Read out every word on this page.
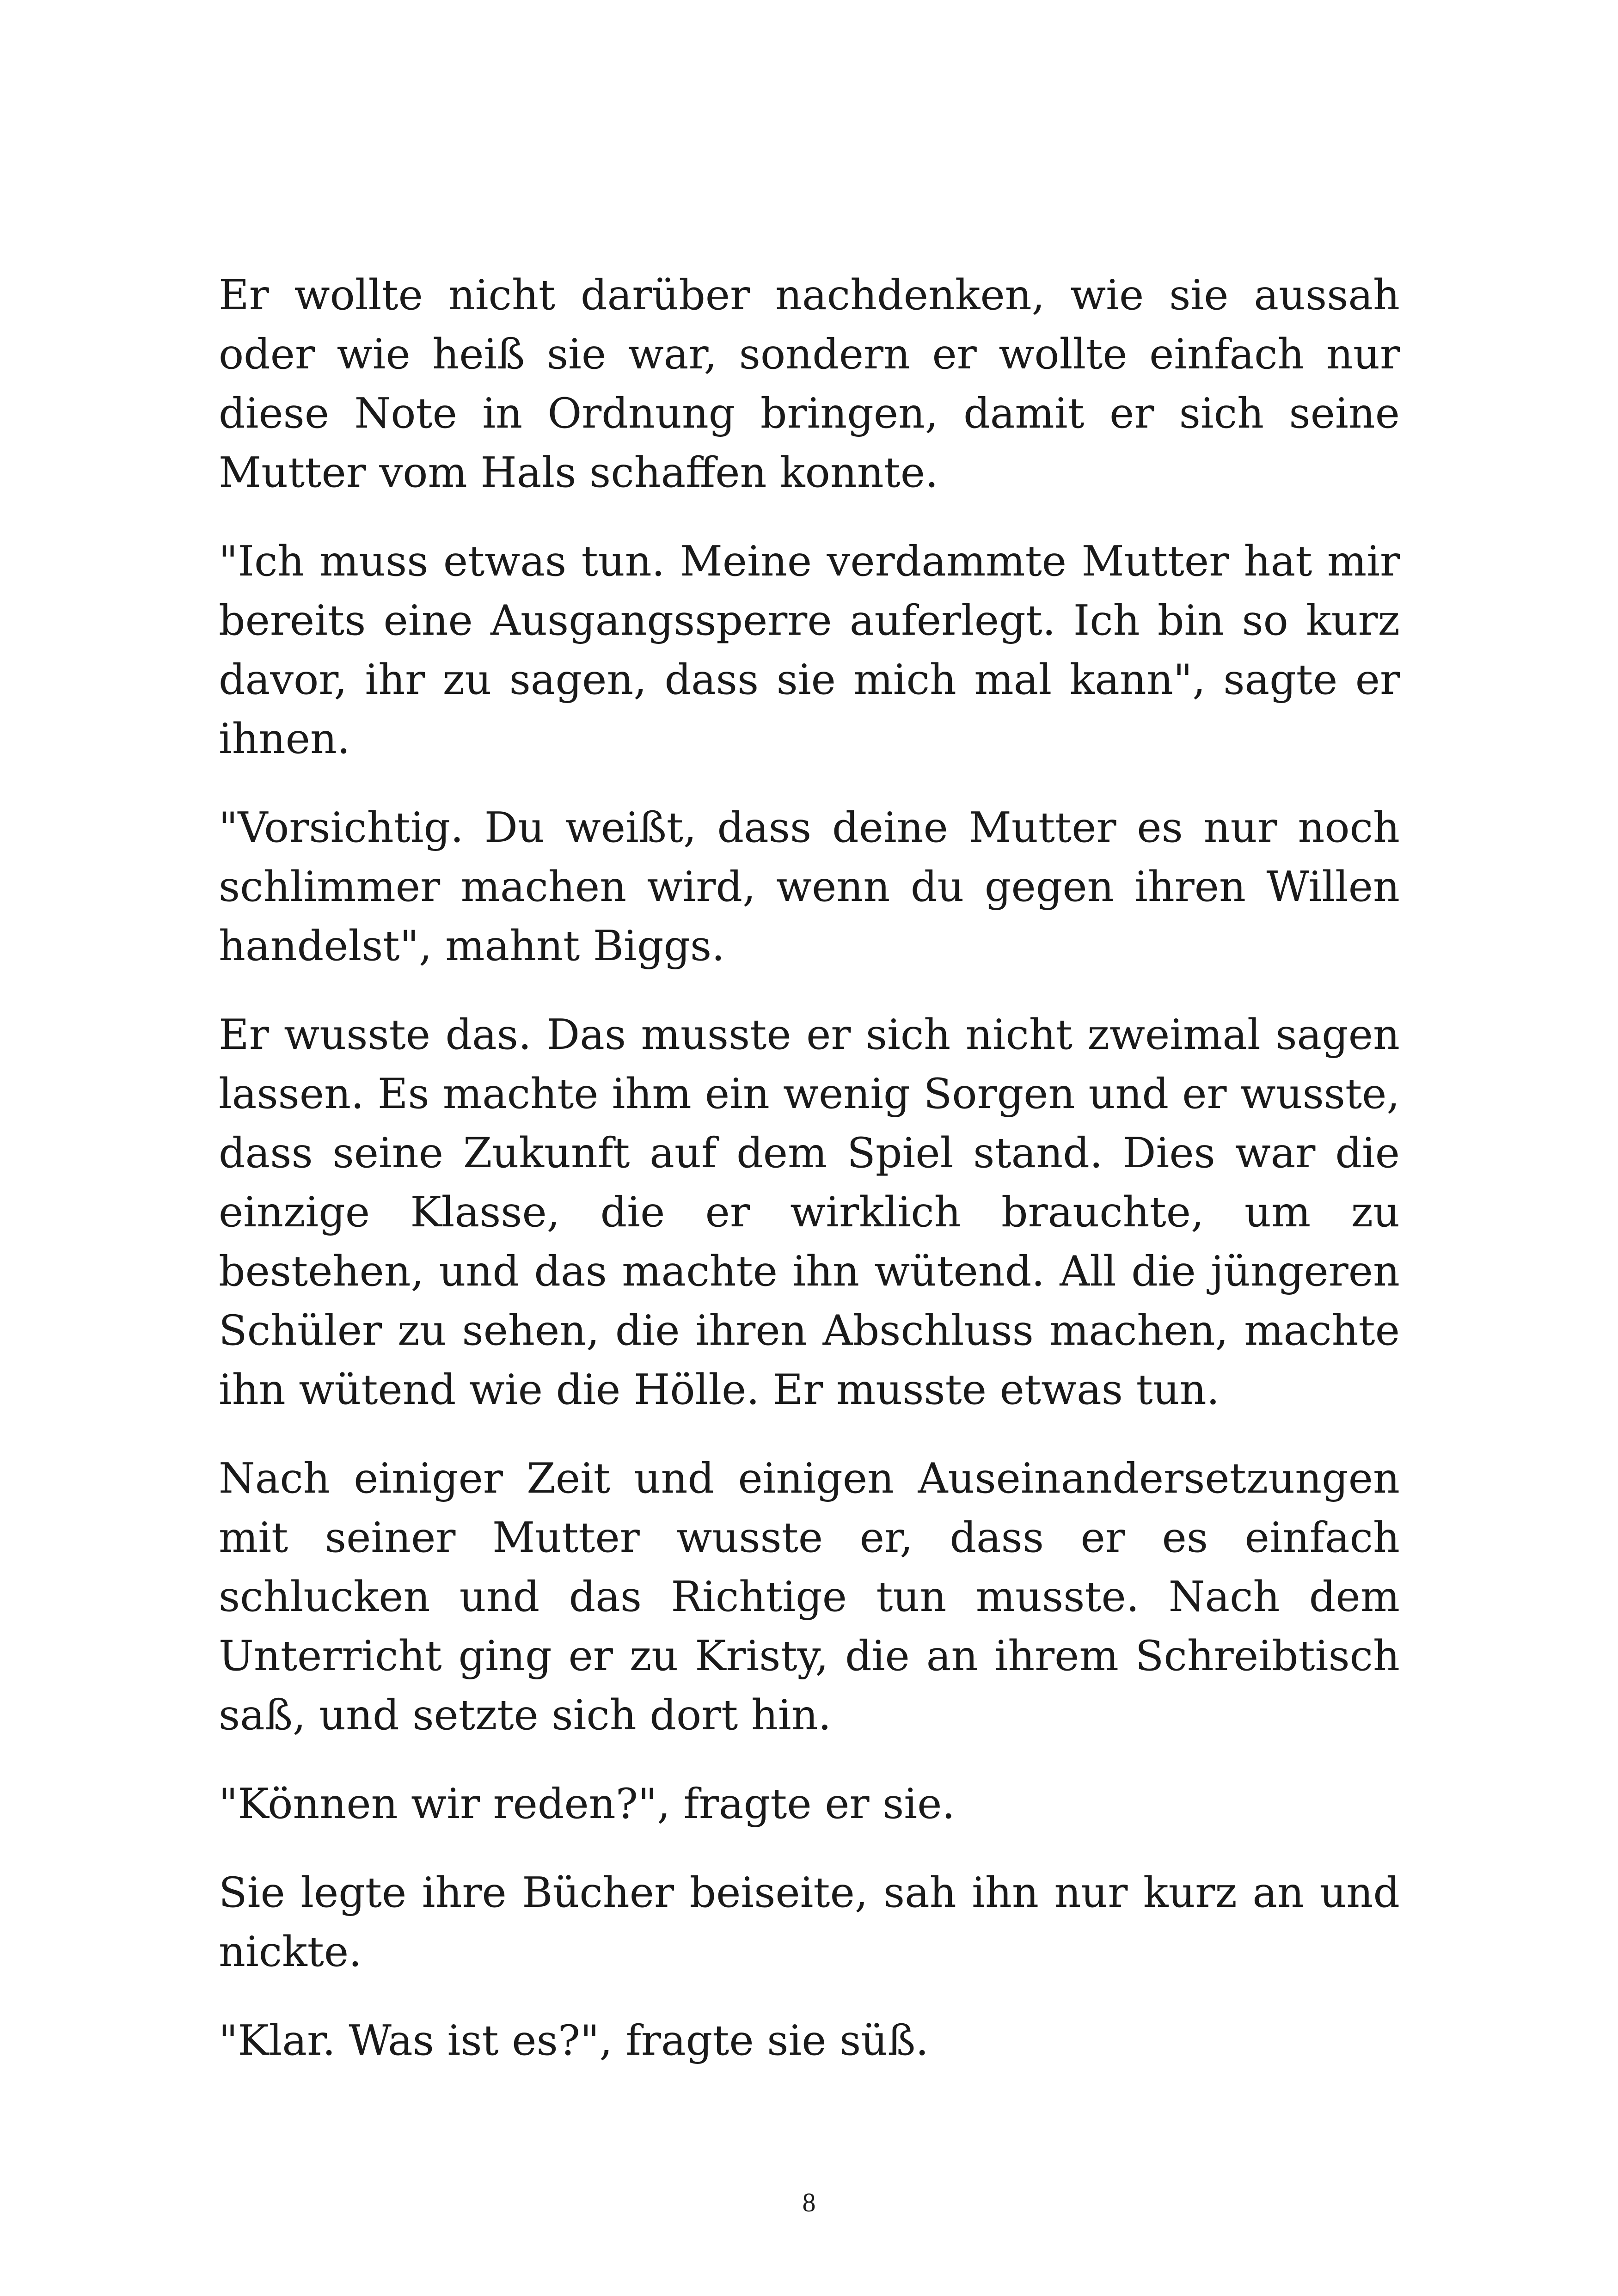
Er wollte nicht darüber nachdenken, wie sie aussah oder wie heiß sie war, sondern er wollte einfach nur diese Note in Ordnung bringen, damit er sich seine Mutter vom Hals schaffen konnte.

"Ich muss etwas tun. Meine verdammte Mutter hat mir bereits eine Ausgangssperre auferlegt. Ich bin so kurz davor, ihr zu sagen, dass sie mich mal kann", sagte er ihnen.

"Vorsichtig. Du weißt, dass deine Mutter es nur noch schlimmer machen wird, wenn du gegen ihren Willen handelst", mahnt Biggs.

Er wusste das. Das musste er sich nicht zweimal sagen lassen. Es machte ihm ein wenig Sorgen und er wusste, dass seine Zukunft auf dem Spiel stand. Dies war die einzige Klasse, die er wirklich brauchte, um zu bestehen, und das machte ihn wütend. All die jüngeren Schüler zu sehen, die ihren Abschluss machen, machte ihn wütend wie die Hölle. Er musste etwas tun.

Nach einiger Zeit und einigen Auseinandersetzungen mit seiner Mutter wusste er, dass er es einfach schlucken und das Richtige tun musste. Nach dem Unterricht ging er zu Kristy, die an ihrem Schreibtisch saß, und setzte sich dort hin.

"Können wir reden?", fragte er sie.

Sie legte ihre Bücher beiseite, sah ihn nur kurz an und nickte.

"Klar. Was ist es?", fragte sie süß.

8
